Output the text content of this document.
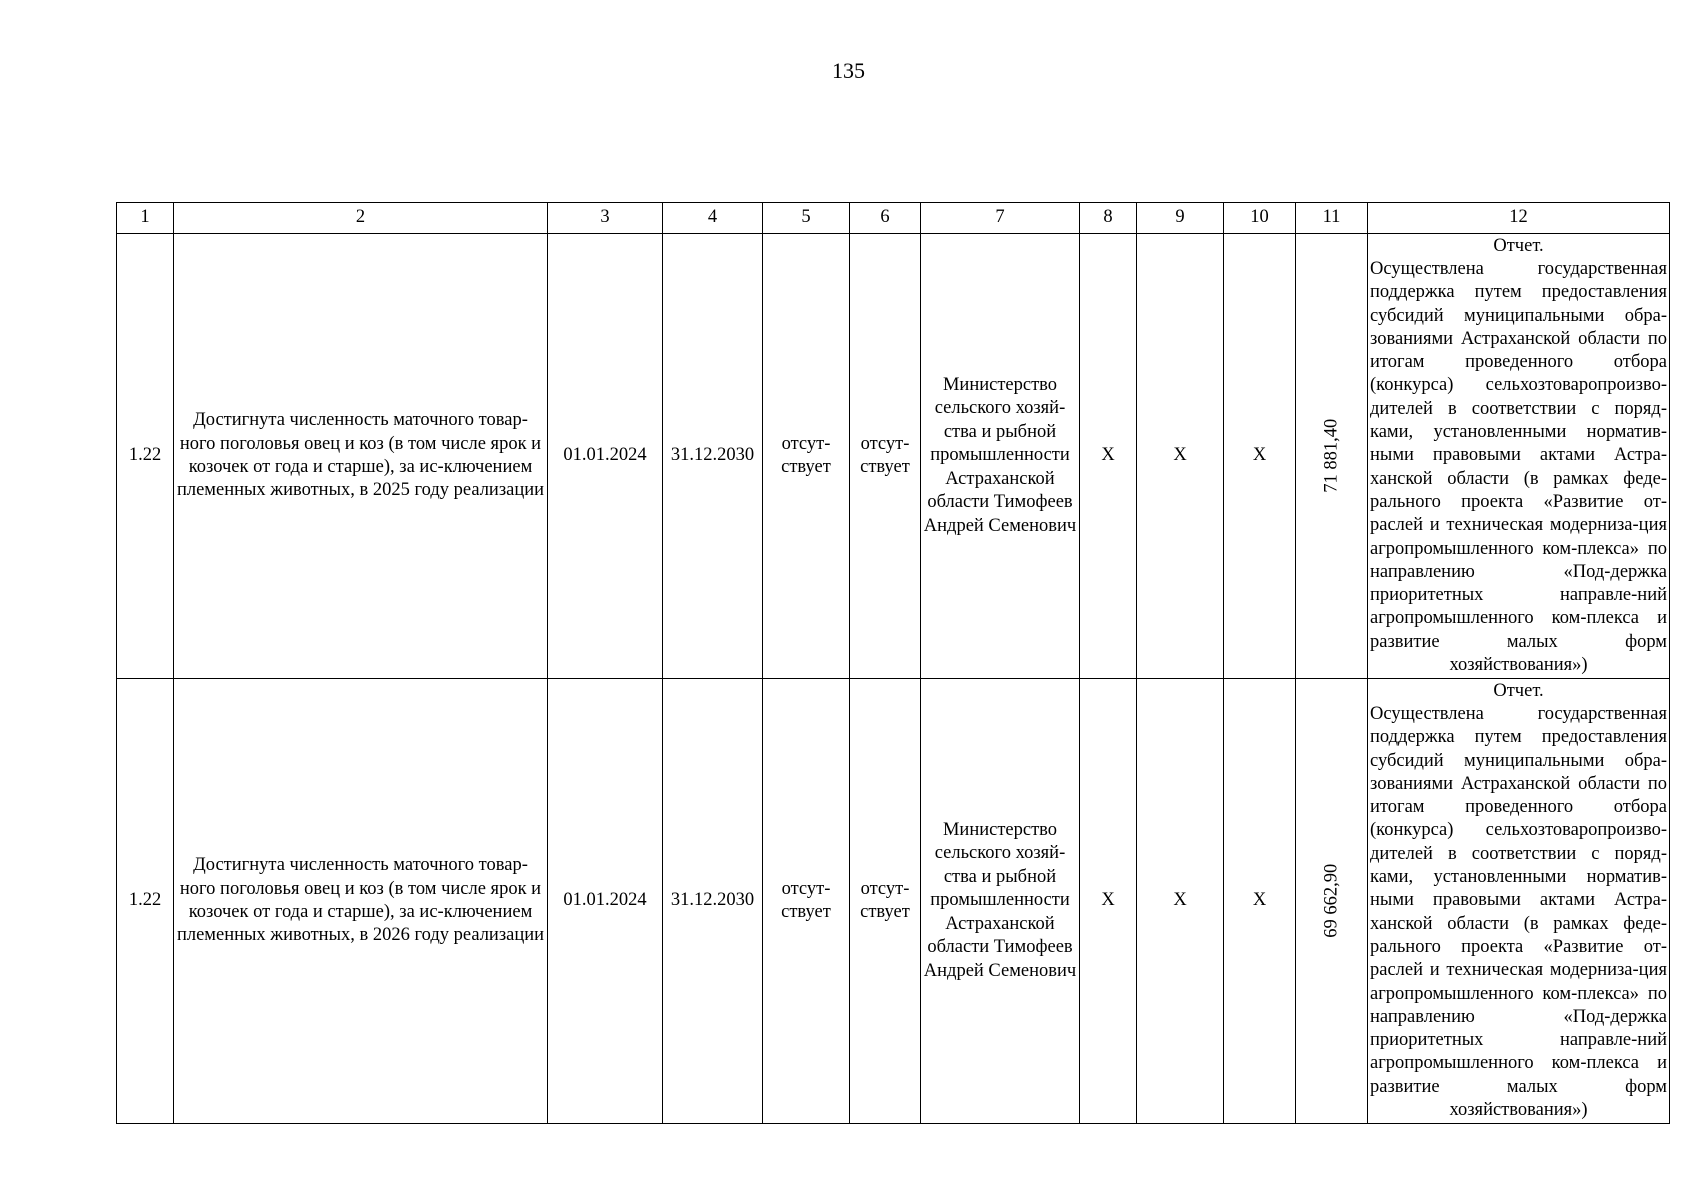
135
1	2	3	4	5	6	7	8	9	10	11	12
1.22	Достигнута численность маточного товар-ного поголовья овец и коз (в том числе ярок и козочек от года и старше), за ис-ключением племенных животных, в 2025 году реализации	01.01.2024	31.12.2030	отсут-ствует	отсут-ствует	Министерство сельского хозяй-ства и рыбной промышленности Астраханской области Тимофеев Андрей Семенович	X	X	X	71 881,40	Отчет.
Осуществлена государственная поддержка путем предоставления субсидий муниципальными обра-зованиями Астраханской области по итогам проведенного отбора (конкурса) сельхозтоваропроизво-дителей в соответствии с поряд-ками, установленными норматив-ными правовыми актами Астра-ханской области (в рамках феде-рального проекта «Развитие от-раслей и техническая модерниза-ция агропромышленного ком-плекса» по направлению «Под-держка приоритетных направле-ний агропромышленного ком-плекса и развитие малых форм хозяйствования»)

1.22	Достигнута численность маточного товар-ного поголовья овец и коз (в том числе ярок и козочек от года и старше), за ис-ключением племенных животных, в 2026 году реализации	01.01.2024	31.12.2030	отсут-ствует	отсут-ствует	Министерство сельского хозяй-ства и рыбной промышленности Астраханской области Тимофеев Андрей Семенович	X	X	X	69 662,90	Отчет.
Осуществлена государственная поддержка путем предоставления субсидий муниципальными обра-зованиями Астраханской области по итогам проведенного отбора (конкурса) сельхозтоваропроизво-дителей в соответствии с поряд-ками, установленными норматив-ными правовыми актами Астра-ханской области (в рамках феде-рального проекта «Развитие от-раслей и техническая модерниза-ция агропромышленного ком-плекса» по направлению «Под-держка приоритетных направле-ний агропромышленного ком-плекса и развитие малых форм хозяйствования»)
